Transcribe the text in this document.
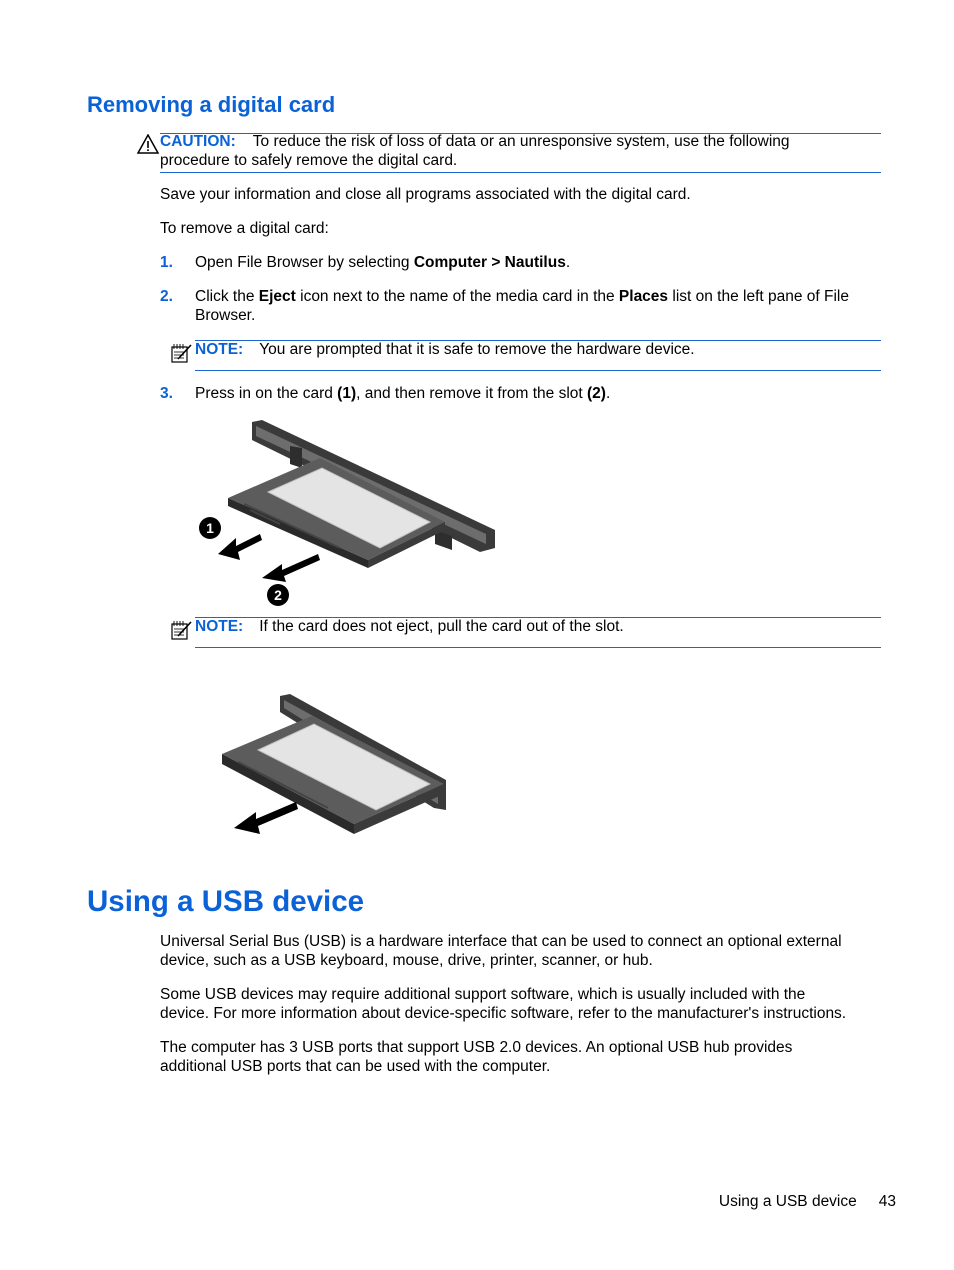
Removing a digital card
CAUTION: To reduce the risk of loss of data or an unresponsive system, use the following
procedure to safely remove the digital card.

Save your information and close all programs associated with the digital card.

To remove a digital card:

1. Open File Browser by selecting Computer > Nautilus.
2. Click the Eject icon next to the name of the media card in the Places list on the left pane of File
Browser.
NOTE: You are prompted that it is safe to remove the hardware device.
3. Press in on the card (1), and then remove it from the slot (2).
1
2
NOTE: If the card does not eject, pull the card out of the slot.
Using a USB device
Universal Serial Bus (USB) is a hardware interface that can be used to connect an optional external
device, such as a USB keyboard, mouse, drive, printer, scanner, or hub.
Some USB devices may require additional support software, which is usually included with the
device. For more information about device-specific software, refer to the manufacturer's instructions.
The computer has 3 USB ports that support USB 2.0 devices. An optional USB hub provides
additional USB ports that can be used with the computer.
Using a USB device 43
